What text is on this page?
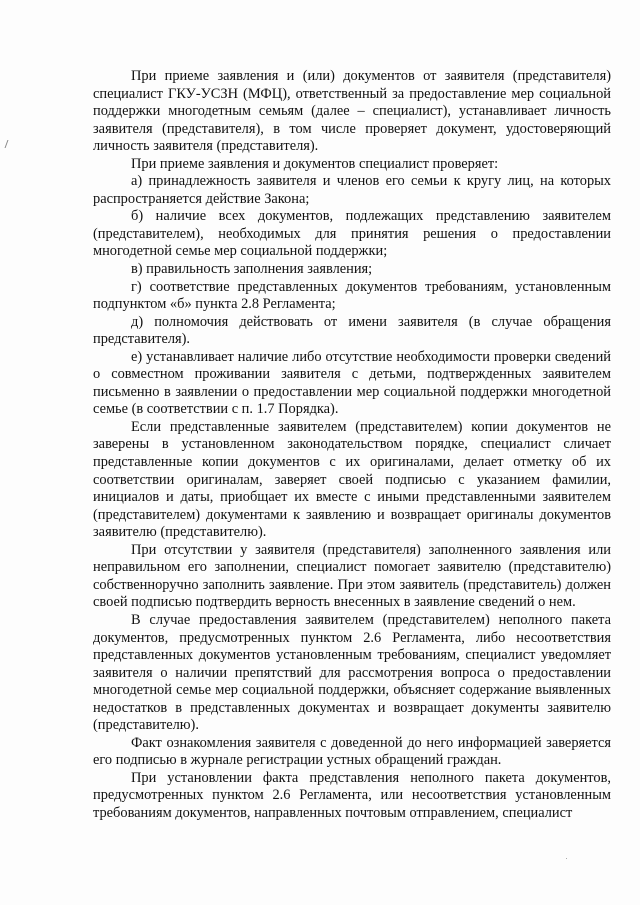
При приеме заявления и (или) документов от заявителя (представителя) специалист ГКУ-УСЗН (МФЦ), ответственный за предоставление мер социальной поддержки многодетным семьям (далее – специалист), устанавливает личность заявителя (представителя), в том числе проверяет документ, удостоверяющий личность заявителя (представителя).

При приеме заявления и документов специалист проверяет:

а) принадлежность заявителя и членов его семьи к кругу лиц, на которых распространяется действие Закона;

б) наличие всех документов, подлежащих представлению заявителем (представителем), необходимых для принятия решения о предоставлении многодетной семье мер социальной поддержки;

в) правильность заполнения заявления;

г) соответствие представленных документов требованиям, установленным подпунктом «б» пункта 2.8 Регламента;

д) полномочия действовать от имени заявителя (в случае обращения представителя).

е) устанавливает наличие либо отсутствие необходимости проверки сведений о совместном проживании заявителя с детьми, подтвержденных заявителем письменно в заявлении о предоставлении мер социальной поддержки многодетной семье (в соответствии с п. 1.7 Порядка).

Если представленные заявителем (представителем) копии документов не заверены в установленном законодательством порядке, специалист сличает представленные копии документов с их оригиналами, делает отметку об их соответствии оригиналам, заверяет своей подписью с указанием фамилии, инициалов и даты, приобщает их вместе с иными представленными заявителем (представителем) документами к заявлению и возвращает оригиналы документов заявителю (представителю).

При отсутствии у заявителя (представителя) заполненного заявления или неправильном его заполнении, специалист помогает заявителю (представителю) собственноручно заполнить заявление. При этом заявитель (представитель) должен своей подписью подтвердить верность внесенных в заявление сведений о нем.

В случае предоставления заявителем (представителем) неполного пакета документов, предусмотренных пунктом 2.6 Регламента, либо несоответствия представленных документов установленным требованиям, специалист уведомляет заявителя о наличии препятствий для рассмотрения вопроса о предоставлении многодетной семье мер социальной поддержки, объясняет содержание выявленных недостатков в представленных документах и возвращает документы заявителю (представителю).

Факт ознакомления заявителя с доведенной до него информацией заверяется его подписью в журнале регистрации устных обращений граждан.

При установлении факта представления неполного пакета документов, предусмотренных пунктом 2.6 Регламента, или несоответствия установленным требованиям документов, направленных почтовым отправлением, специалист
